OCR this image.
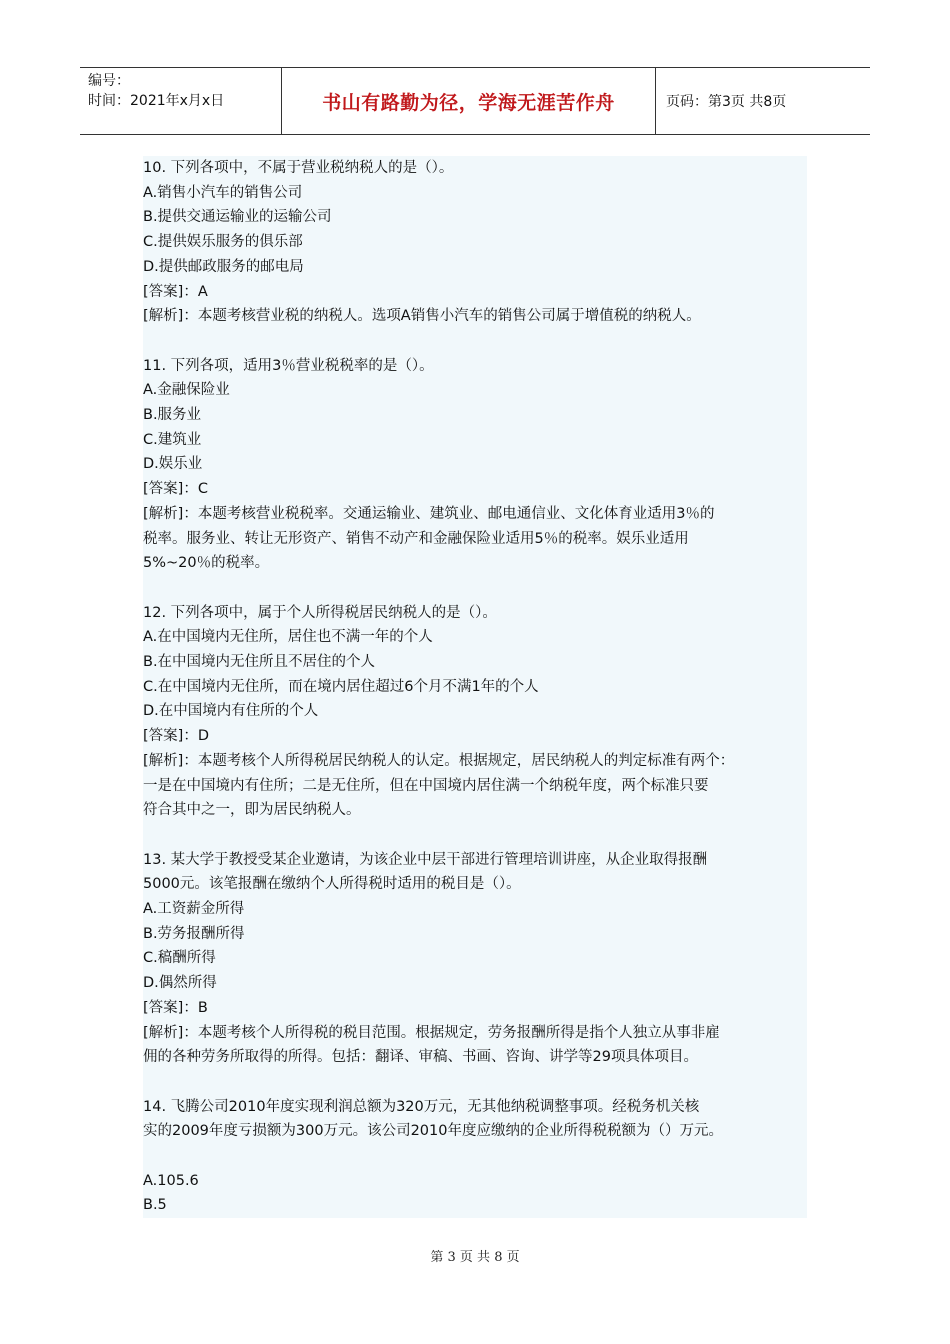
编号：
时间：2021年x月x日	书山有路勤为径，学海无涯苦作舟	页码：第3页 共8页
10. 下列各项中，不属于营业税纳税人的是（）。
A.销售小汽车的销售公司
B.提供交通运输业的运输公司
C.提供娱乐服务的俱乐部
D.提供邮政服务的邮电局
[答案]：A
[解析]：本题考核营业税的纳税人。选项A销售小汽车的销售公司属于增值税的纳税人。
11. 下列各项，适用3％营业税税率的是（）。
A.金融保险业
B.服务业
C.建筑业
D.娱乐业
[答案]：C
[解析]：本题考核营业税税率。交通运输业、建筑业、邮电通信业、文化体育业适用3％的
税率。服务业、转让无形资产、销售不动产和金融保险业适用5％的税率。娱乐业适用
5%~20％的税率。
12. 下列各项中，属于个人所得税居民纳税人的是（）。
A.在中国境内无住所，居住也不满一年的个人
B.在中国境内无住所且不居住的个人
C.在中国境内无住所，而在境内居住超过6个月不满1年的个人
D.在中国境内有住所的个人
[答案]：D
[解析]：本题考核个人所得税居民纳税人的认定。根据规定，居民纳税人的判定标准有两个：
一是在中国境内有住所；二是无住所，但在中国境内居住满一个纳税年度，两个标准只要
符合其中之一，即为居民纳税人。
13. 某大学于教授受某企业邀请，为该企业中层干部进行管理培训讲座，从企业取得报酬
5000元。该笔报酬在缴纳个人所得税时适用的税目是（）。
A.工资薪金所得
B.劳务报酬所得
C.稿酬所得
D.偶然所得
[答案]：B
[解析]：本题考核个人所得税的税目范围。根据规定，劳务报酬所得是指个人独立从事非雇
佣的各种劳务所取得的所得。包括：翻译、审稿、书画、咨询、讲学等29项具体项目。
14. 飞腾公司2010年度实现利润总额为320万元，无其他纳税调整事项。经税务机关核
实的2009年度亏损额为300万元。该公司2010年度应缴纳的企业所得税税额为（）万元。

A.105.6
B.5
第 3 页 共 8 页
